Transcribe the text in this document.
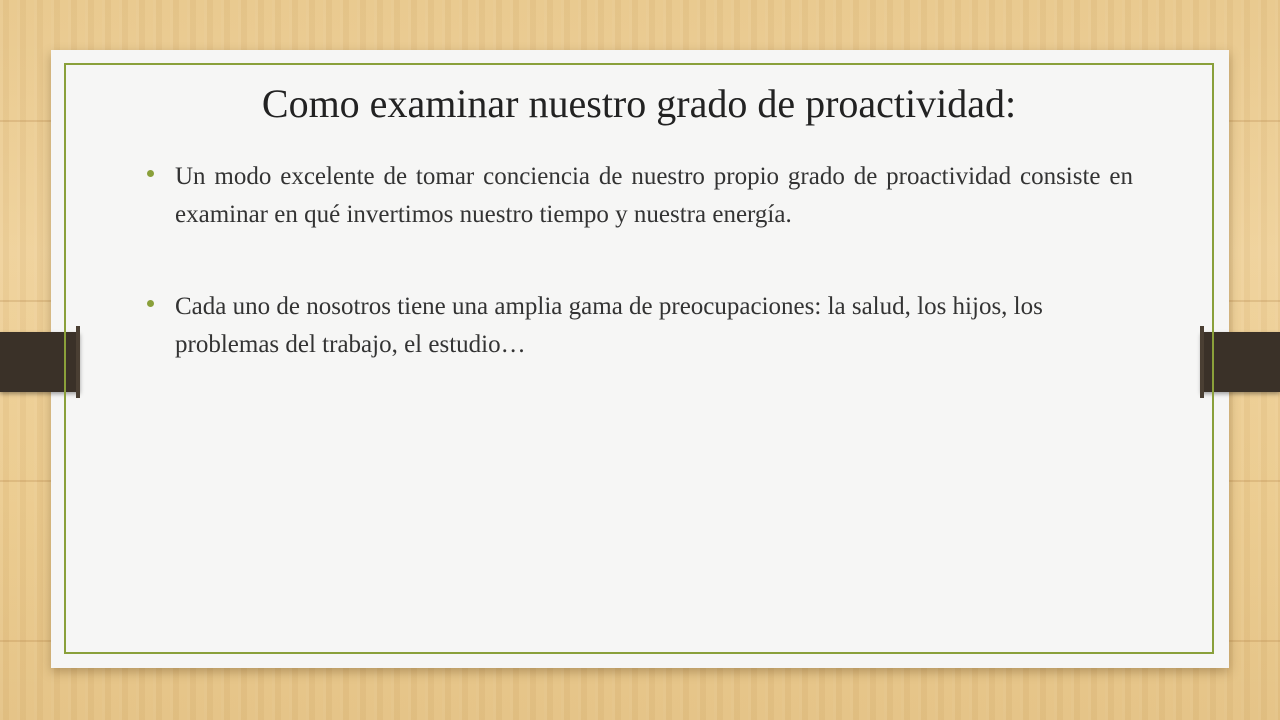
Como examinar nuestro grado de proactividad:
Un modo excelente de tomar conciencia de nuestro propio grado de proactividad consiste en examinar en qué invertimos nuestro tiempo y nuestra energía.
Cada uno de nosotros tiene una amplia gama de preocupaciones: la salud, los hijos, los problemas del trabajo, el estudio…
